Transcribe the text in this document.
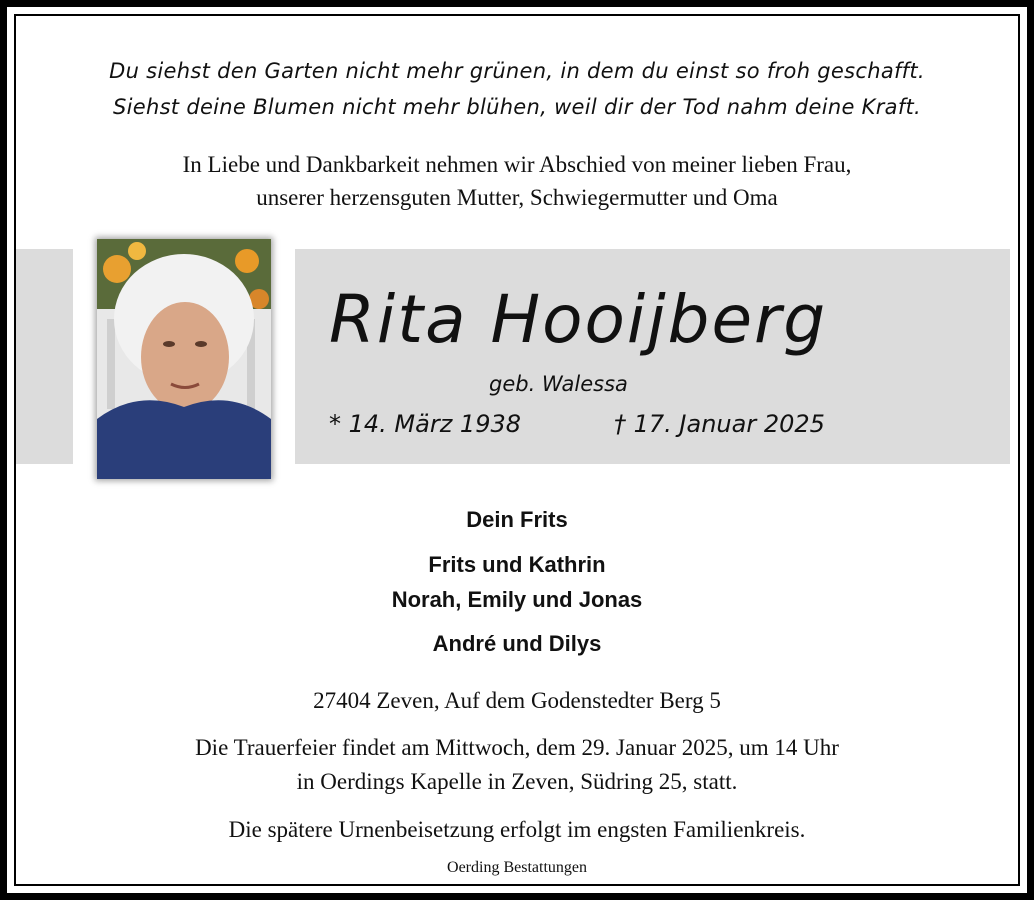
Du siehst den Garten nicht mehr grünen, in dem du einst so froh geschafft.
Siehst deine Blumen nicht mehr blühen, weil dir der Tod nahm deine Kraft.
In Liebe und Dankbarkeit nehmen wir Abschied von meiner lieben Frau,
unserer herzensguten Mutter, Schwiegermutter und Oma
Rita Hooijberg
geb. Walessa
* 14. März 1938	† 17. Januar 2025
Dein Frits
Frits und Kathrin
Norah, Emily und Jonas
André und Dilys
27404 Zeven, Auf dem Godenstedter Berg 5
Die Trauerfeier findet am Mittwoch, dem 29. Januar 2025, um 14 Uhr
in Oerdings Kapelle in Zeven, Südring 25, statt.
Die spätere Urnenbeisetzung erfolgt im engsten Familienkreis.
Oerding Bestattungen
